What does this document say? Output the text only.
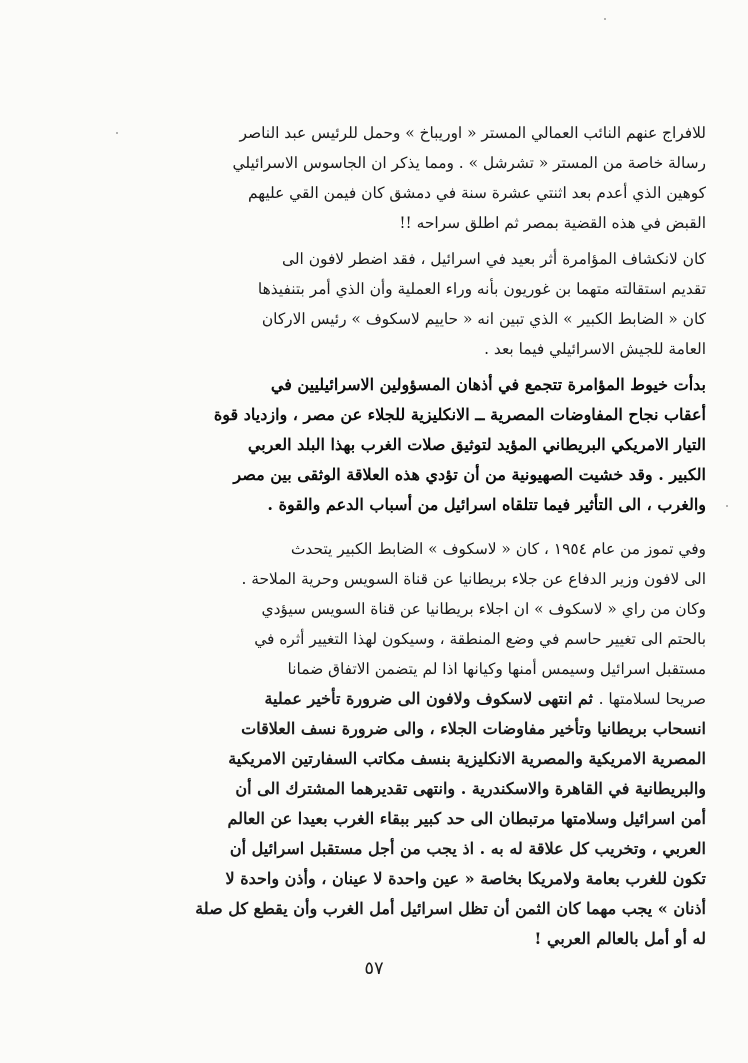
للافراج عنهم النائب العمالي المستر « اوريباخ » وحمل للرئيس عبد الناصر
رسالة خاصة من المستر « تشرشل » . ومما يذكر ان الجاسوس الاسرائيلي
كوهين الذي أعدم بعد اثنتي عشرة سنة في دمشق كان فيمن القي عليهم
القبض في هذه القضية بمصر ثم اطلق سراحه !!
كان لانكشاف المؤامرة أثر بعيد في اسرائيل ، فقد اضطر لافون الى
تقديم استقالته متهما بن غوريون بأنه وراء العملية وأن الذي أمر بتنفيذها
كان « الضابط الكبير » الذي تبين انه « حاييم لاسكوف » رئيس الاركان
العامة للجيش الاسرائيلي فيما بعد .
بدأت خيوط المؤامرة تتجمع في أذهان المسؤولين الاسرائيليين في
أعقاب نجاح المفاوضات المصرية ــ الانكليزية للجلاء عن مصر ، وازدياد قوة
التيار الامريكي البريطاني المؤيد لتوثيق صلات الغرب بهذا البلد العربي
الكبير . وقد خشيت الصهيونية من أن تؤدي هذه العلاقة الوثقى بين مصر
والغرب ، الى التأثير فيما تتلقاه اسرائيل من أسباب الدعم والقوة .
وفي تموز من عام ١٩٥٤ ، كان « لاسكوف » الضابط الكبير يتحدث
الى لافون وزير الدفاع عن جلاء بريطانيا عن قناة السويس وحرية الملاحة .
وكان من راي « لاسكوف » ان اجلاء بريطانيا عن قناة السويس سيؤدي
بالحتم الى تغيير حاسم في وضع المنطقة ، وسيكون لهذا التغيير أثره في
مستقبل اسرائيل وسيمس أمنها وكيانها اذا لم يتضمن الاتفاق ضمانا
صريحا لسلامتها . ثم انتهى لاسكوف ولافون الى ضرورة تأخير عملية
انسحاب بريطانيا وتأخير مفاوضات الجلاء ، والى ضرورة نسف العلاقات
المصرية الامريكية والمصرية الانكليزية بنسف مكاتب السفارتين الامريكية
والبريطانية في القاهرة والاسكندرية . وانتهى تقديرهما المشترك الى أن
أمن اسرائيل وسلامتها مرتبطان الى حد كبير ببقاء الغرب بعيدا عن العالم
العربي ، وتخريب كل علاقة له به . اذ يجب من أجل مستقبل اسرائيل أن
تكون للغرب بعامة ولامريكا بخاصة « عين واحدة لا عينان ، وأذن واحدة لا
أذنان » يجب مهما كان الثمن أن تظل اسرائيل أمل الغرب وأن يقطع كل صلة
له أو أمل بالعالم العربي !
٥٧
